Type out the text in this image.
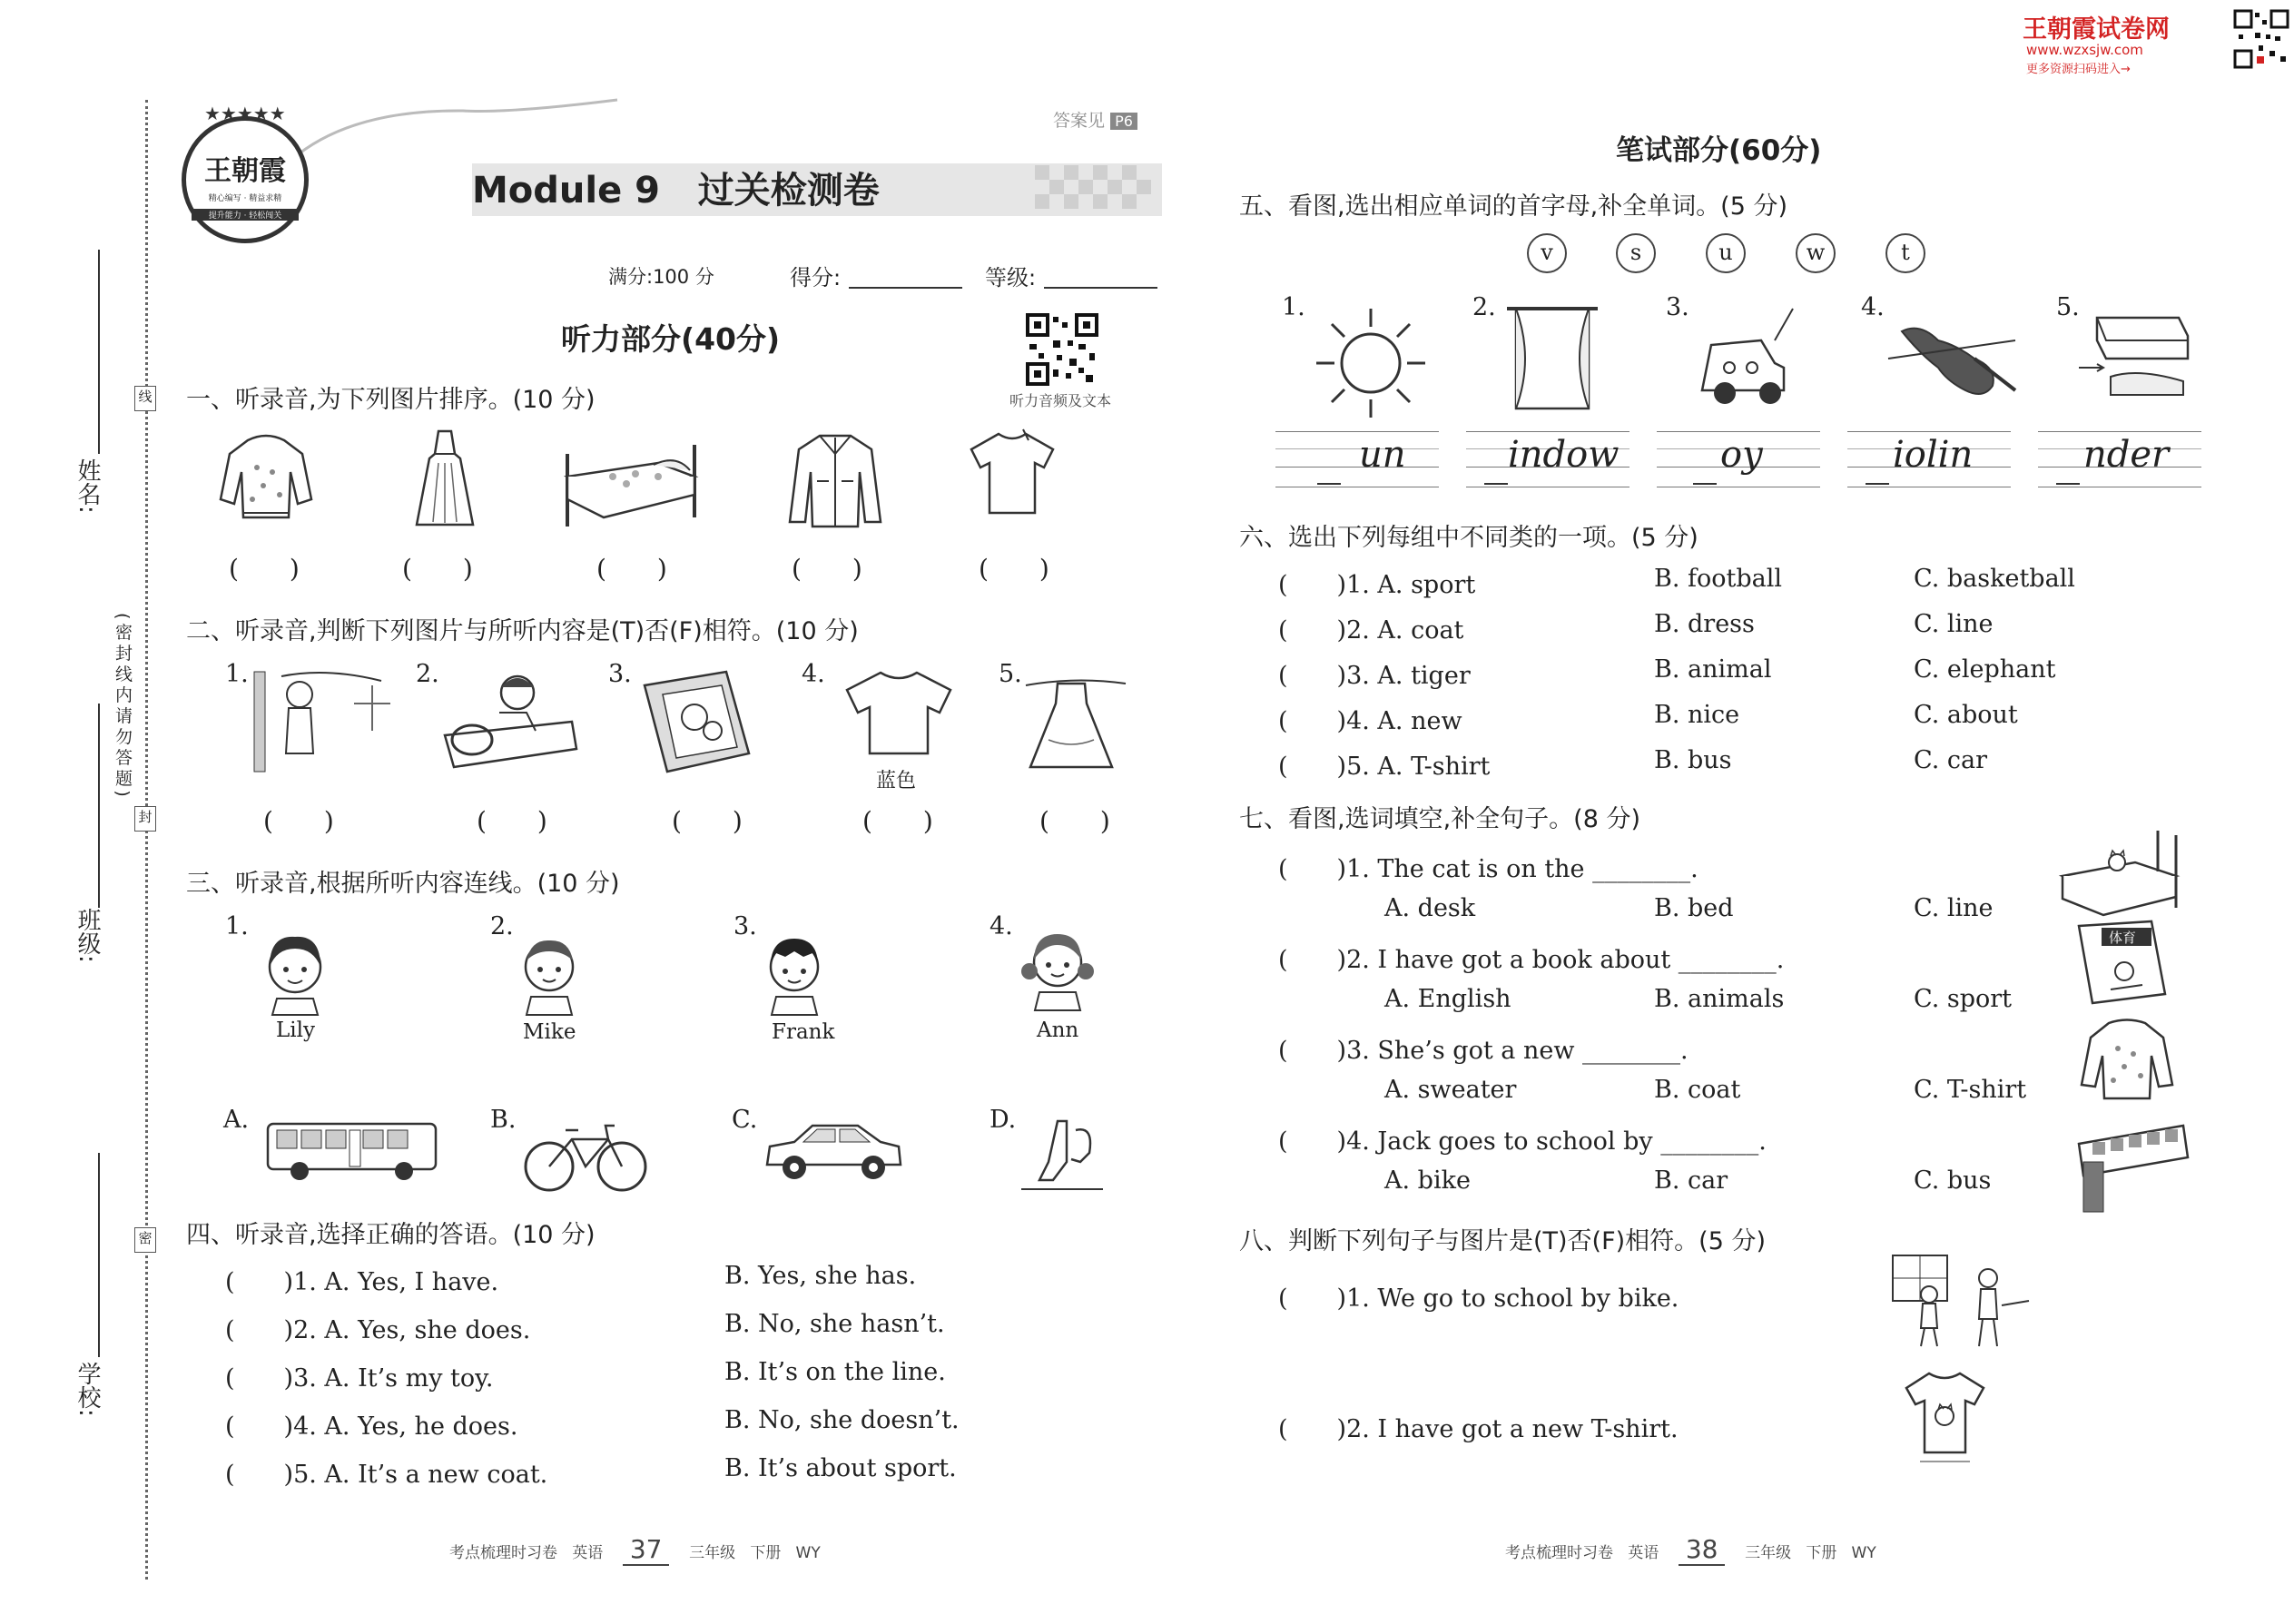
姓名:
班级:
学校:
(密封线内请勿答题)
线
封
密
王朝霞
精心编写 · 精益求精
提升能力 · 轻松闯关
★★★★★
Module 9 过关检测卷
答案见 P6
满分:100 分	得分:	等级:
听力部分(40分)
听力音频及文本
一、听录音,为下列图片排序。(10 分)
(　　)	(　　)	(　　)	(　　)	(　　)
二、听录音,判断下列图片与所听内容是(T)否(F)相符。(10 分)
1.	2.	3.	4.	5.
蓝色
(　　)	(　　)	(　　)	(　　)	(　　)
三、听录音,根据所听内容连线。(10 分)
1.	2.	3.	4.
Lily	Mike	Frank	Ann
A.	B.	C.	D.
四、听录音,选择正确的答语。(10 分)
(　　)1. A. Yes, I have.	B. Yes, she has.
(　　)2. A. Yes, she does.	B. No, she hasn’t.
(　　)3. A. It’s my toy.	B. It’s on the line.
(　　)4. A. Yes, he does.	B. No, she doesn’t.
(　　)5. A. It’s a new coat.	B. It’s about sport.
考点梳理时习卷 英语 37 三年级 下册 WY
王朝霞试卷网
www.wzxsjw.com
更多资源扫码进入→
笔试部分(60分)
五、看图,选出相应单词的首字母,补全单词。(5 分)
v	s	u	w	t
1.	2.	3.	4.	5.
un	indow	oy	iolin	nder
六、选出下列每组中不同类的一项。(5 分)
(　　)1. A. sport	B. football	C. basketball
(　　)2. A. coat	B. dress	C. line
(　　)3. A. tiger	B. animal	C. elephant
(　　)4. A. new	B. nice	C. about
(　　)5. A. T-shirt	B. bus	C. car
七、看图,选词填空,补全句子。(8 分)
(　　)1. The cat is on the ________.
A. desk	B. bed	C. line
(　　)2. I have got a book about ________.
A. English	B. animals	C. sport
(　　)3. She’s got a new ________.
A. sweater	B. coat	C. T-shirt
(　　)4. Jack goes to school by ________.
A. bike	B. car	C. bus
体育
八、判断下列句子与图片是(T)否(F)相符。(5 分)
(　　)1. We go to school by bike.
(　　)2. I have got a new T-shirt.
考点梳理时习卷 英语 38 三年级 下册 WY
